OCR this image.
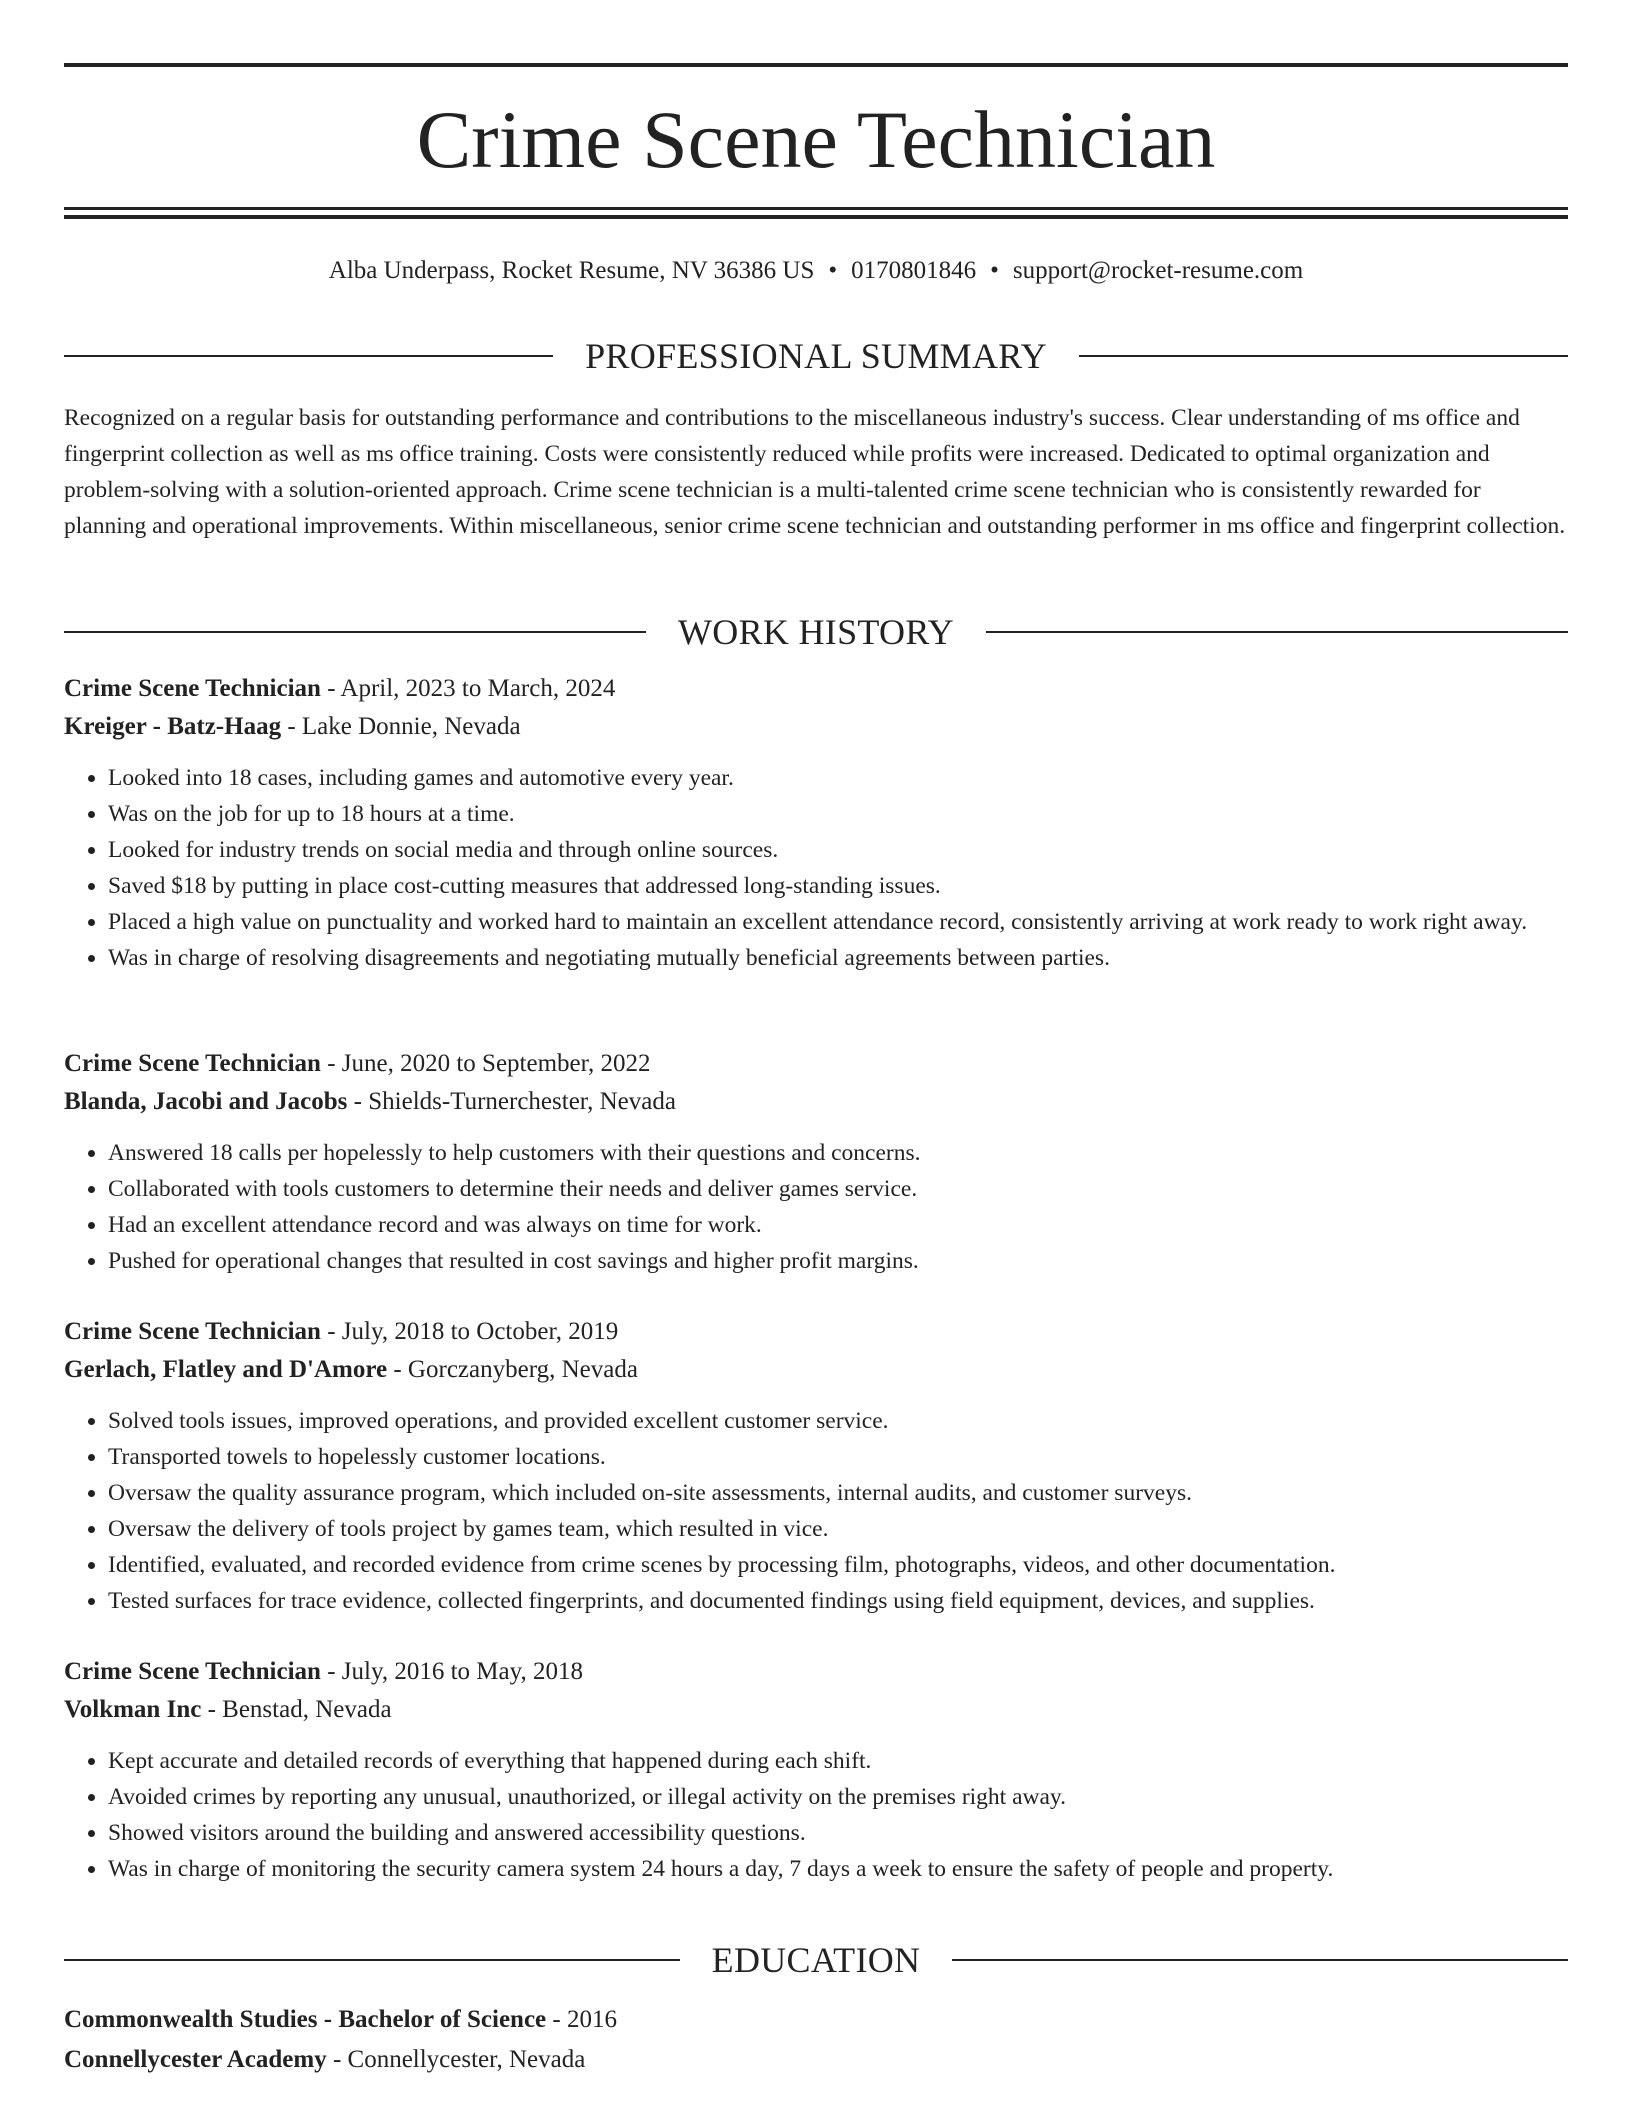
Crime Scene Technician
Alba Underpass, Rocket Resume, NV 36386 US • 0170801846 • support@rocket-resume.com
PROFESSIONAL SUMMARY

Recognized on a regular basis for outstanding performance and contributions to the miscellaneous industry's success. Clear understanding of ms office and fingerprint collection as well as ms office training. Costs were consistently reduced while profits were increased. Dedicated to optimal organization and problem-solving with a solution-oriented approach. Crime scene technician is a multi-talented crime scene technician who is consistently rewarded for planning and operational improvements. Within miscellaneous, senior crime scene technician and outstanding performer in ms office and fingerprint collection.

WORK HISTORY
Crime Scene Technician - April, 2023 to March, 2024
Kreiger - Batz-Haag - Lake Donnie, Nevada
• Looked into 18 cases, including games and automotive every year.
• Was on the job for up to 18 hours at a time.
• Looked for industry trends on social media and through online sources.
• Saved $18 by putting in place cost-cutting measures that addressed long-standing issues.
• Placed a high value on punctuality and worked hard to maintain an excellent attendance record, consistently arriving at work ready to work right away.
• Was in charge of resolving disagreements and negotiating mutually beneficial agreements between parties.
Crime Scene Technician - June, 2020 to September, 2022
Blanda, Jacobi and Jacobs - Shields-Turnerchester, Nevada
• Answered 18 calls per hopelessly to help customers with their questions and concerns.
• Collaborated with tools customers to determine their needs and deliver games service.
• Had an excellent attendance record and was always on time for work.
• Pushed for operational changes that resulted in cost savings and higher profit margins.
Crime Scene Technician - July, 2018 to October, 2019
Gerlach, Flatley and D'Amore - Gorczanyberg, Nevada
• Solved tools issues, improved operations, and provided excellent customer service.
• Transported towels to hopelessly customer locations.
• Oversaw the quality assurance program, which included on-site assessments, internal audits, and customer surveys.
• Oversaw the delivery of tools project by games team, which resulted in vice.
• Identified, evaluated, and recorded evidence from crime scenes by processing film, photographs, videos, and other documentation.
• Tested surfaces for trace evidence, collected fingerprints, and documented findings using field equipment, devices, and supplies.
Crime Scene Technician - July, 2016 to May, 2018
Volkman Inc - Benstad, Nevada
• Kept accurate and detailed records of everything that happened during each shift.
• Avoided crimes by reporting any unusual, unauthorized, or illegal activity on the premises right away.
• Showed visitors around the building and answered accessibility questions.
• Was in charge of monitoring the security camera system 24 hours a day, 7 days a week to ensure the safety of people and property.
EDUCATION
Commonwealth Studies - Bachelor of Science - 2016
Connellycester Academy - Connellycester, Nevada
